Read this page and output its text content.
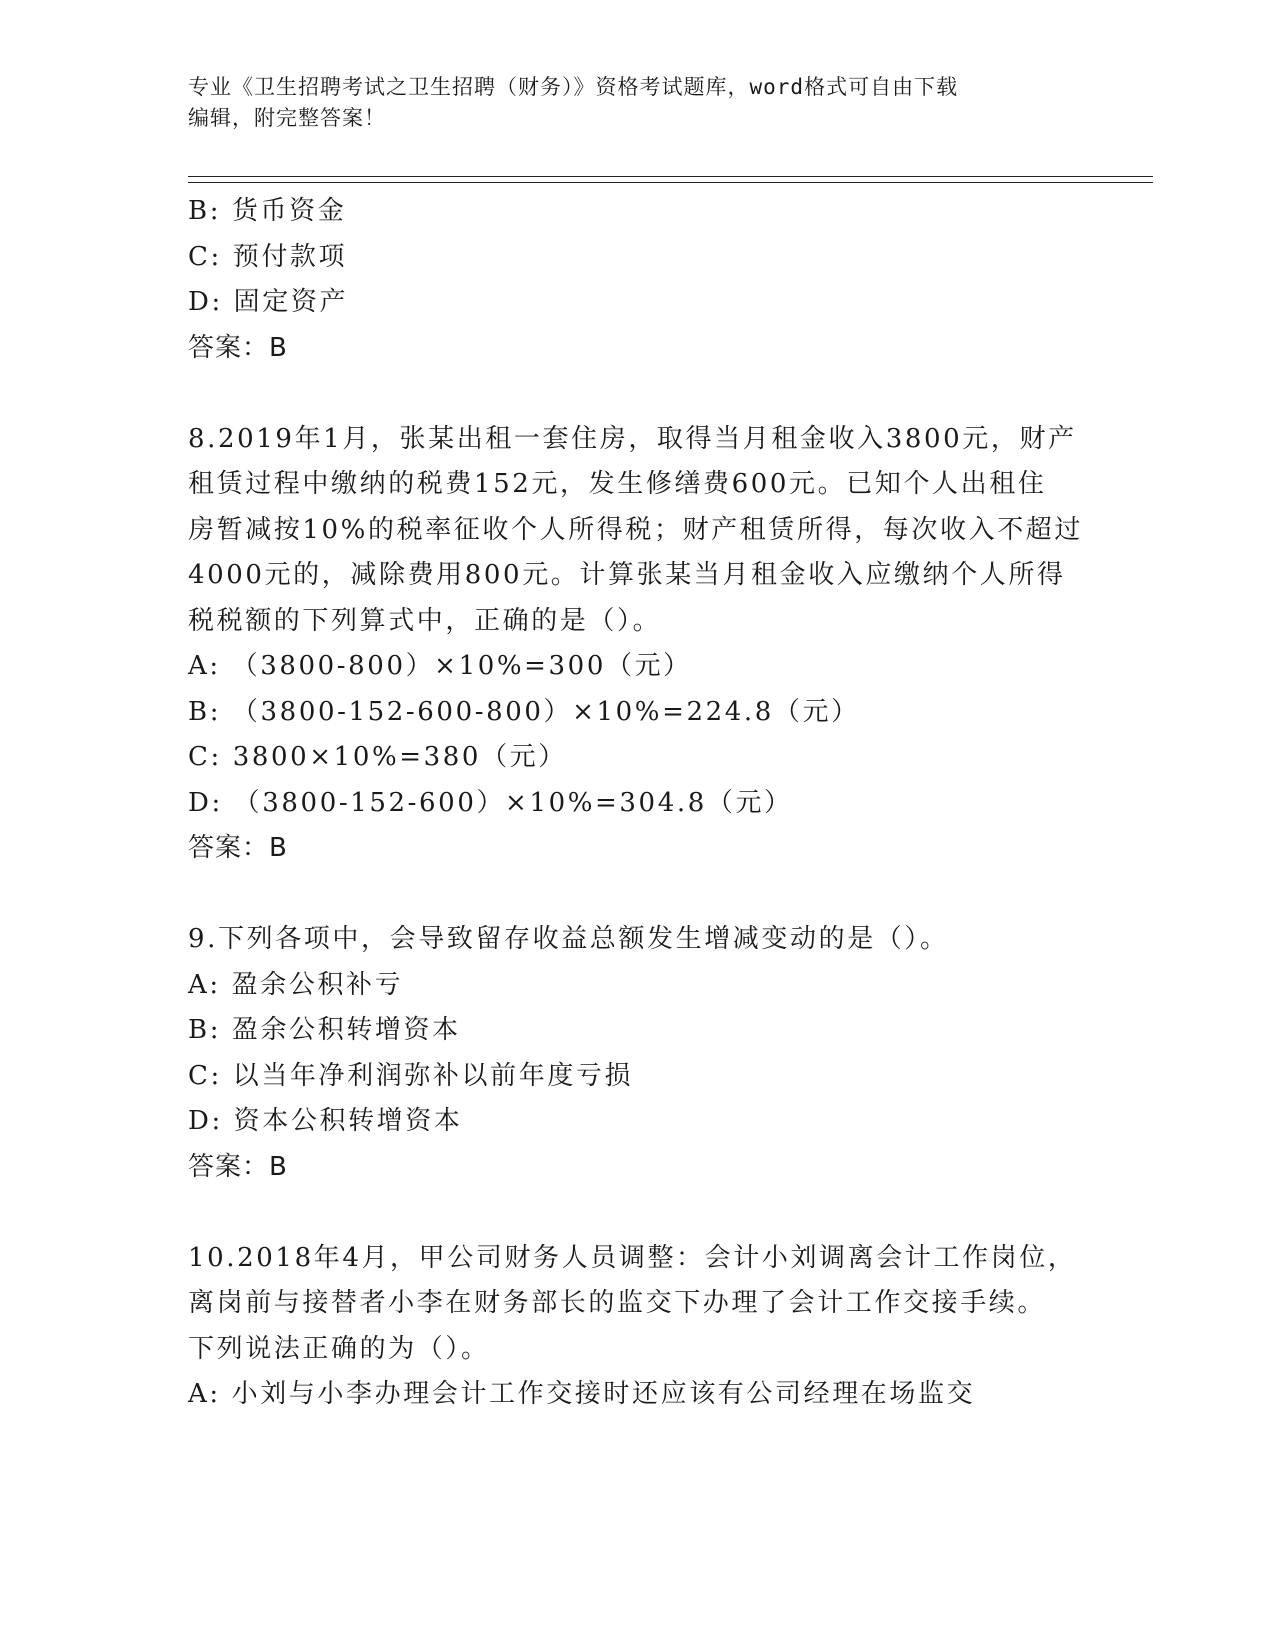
专业《卫生招聘考试之卫生招聘（财务）》资格考试题库，word格式可自由下载
编辑，附完整答案！
B: 货币资金
C: 预付款项
D: 固定资产
答案：B
8.2019年1月，张某出租一套住房，取得当月租金收入3800元，财产
租赁过程中缴纳的税费152元，发生修缮费600元。已知个人出租住
房暂减按10%的税率征收个人所得税；财产租赁所得，每次收入不超过
4000元的，减除费用800元。计算张某当月租金收入应缴纳个人所得
税税额的下列算式中，正确的是（）。
A: （3800-800）×10%=300（元）
B: （3800-152-600-800）×10%=224.8（元）
C: 3800×10%=380（元）
D: （3800-152-600）×10%=304.8（元）
答案：B
9.下列各项中，会导致留存收益总额发生增减变动的是（）。
A: 盈余公积补亏
B: 盈余公积转增资本
C: 以当年净利润弥补以前年度亏损
D: 资本公积转增资本
答案：B
10.2018年4月，甲公司财务人员调整：会计小刘调离会计工作岗位，
离岗前与接替者小李在财务部长的监交下办理了会计工作交接手续。
下列说法正确的为（）。
A: 小刘与小李办理会计工作交接时还应该有公司经理在场监交
